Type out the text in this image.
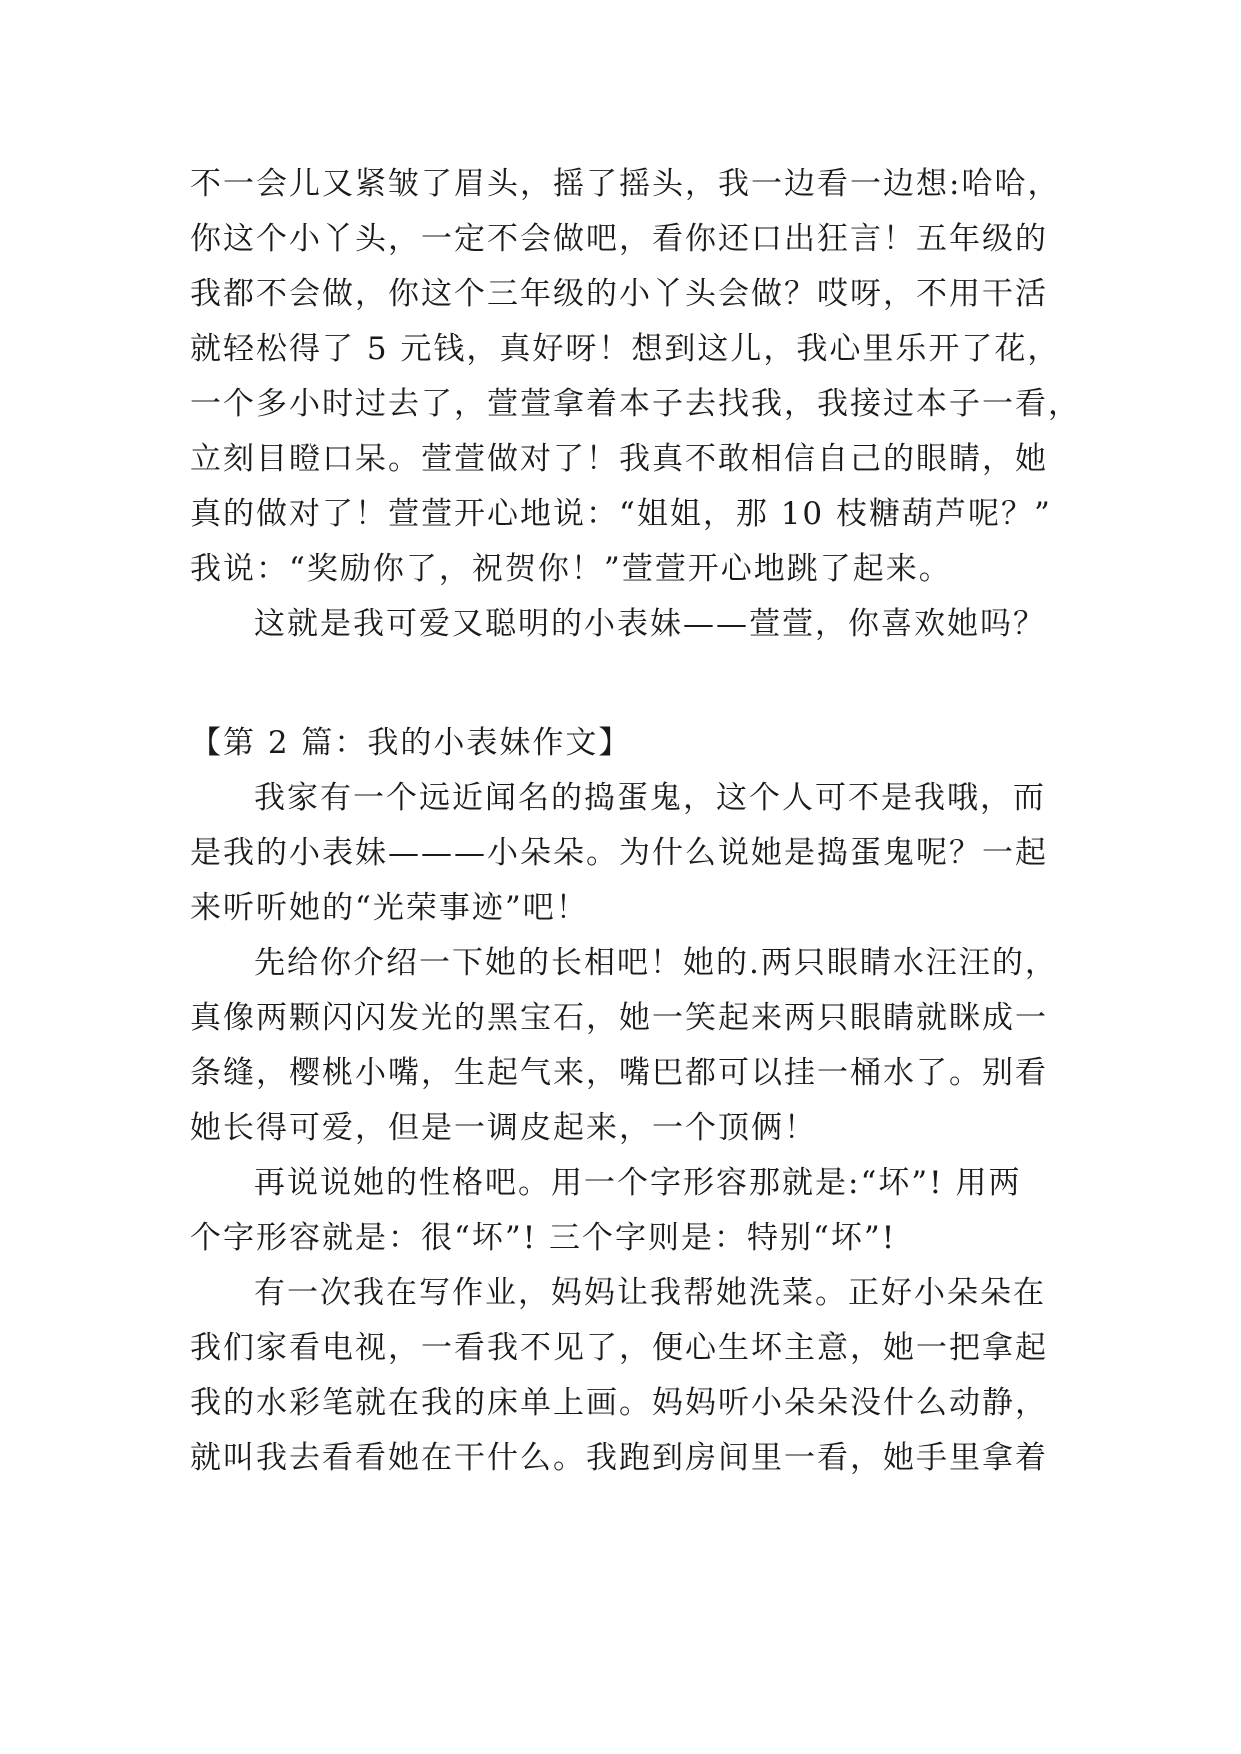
不一会儿又紧皱了眉头，摇了摇头，我一边看一边想:哈哈，
你这个小丫头，一定不会做吧，看你还口出狂言！五年级的
我都不会做，你这个三年级的小丫头会做？哎呀，不用干活
就轻松得了 5 元钱，真好呀！想到这儿，我心里乐开了花，
一个多小时过去了，萱萱拿着本子去找我，我接过本子一看，
立刻目瞪口呆。萱萱做对了！我真不敢相信自己的眼睛，她
真的做对了！萱萱开心地说：“姐姐，那 10 枝糖葫芦呢？”
我说：“奖励你了，祝贺你！”萱萱开心地跳了起来。
这就是我可爱又聪明的小表妹——萱萱，你喜欢她吗？
【第 2 篇：我的小表妹作文】
我家有一个远近闻名的捣蛋鬼，这个人可不是我哦，而
是我的小表妹———小朵朵。为什么说她是捣蛋鬼呢？一起
来听听她的“光荣事迹”吧！
先给你介绍一下她的长相吧！她的.两只眼睛水汪汪的，
真像两颗闪闪发光的黑宝石，她一笑起来两只眼睛就眯成一
条缝，樱桃小嘴，生起气来，嘴巴都可以挂一桶水了。别看
她长得可爱，但是一调皮起来，一个顶俩！
再说说她的性格吧。用一个字形容那就是:“坏”! 用两
个字形容就是：很“坏”! 三个字则是：特别“坏”!
有一次我在写作业，妈妈让我帮她洗菜。正好小朵朵在
我们家看电视，一看我不见了，便心生坏主意，她一把拿起
我的水彩笔就在我的床单上画。妈妈听小朵朵没什么动静，
就叫我去看看她在干什么。我跑到房间里一看，她手里拿着
